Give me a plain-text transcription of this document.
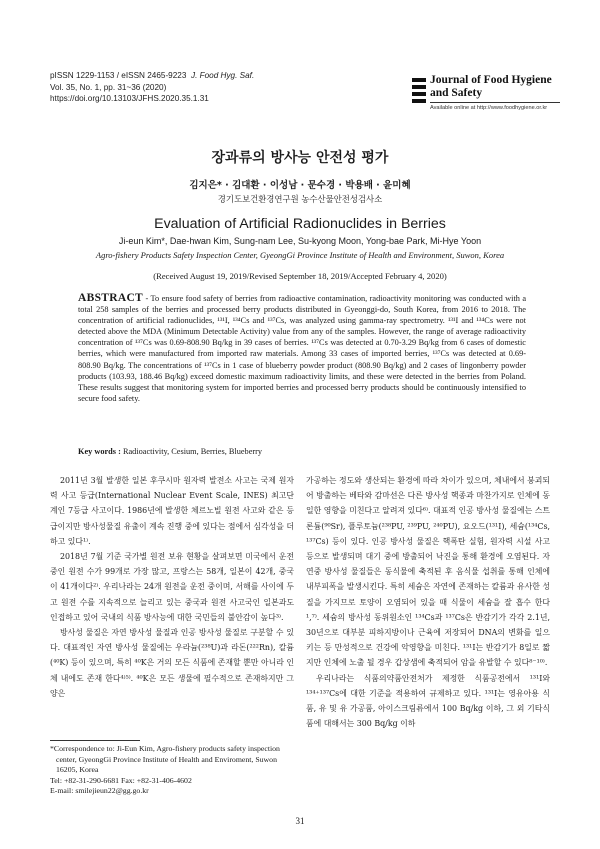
pISSN 1229-1153 / eISSN 2465-9223 J. Food Hyg. Saf.
Vol. 35, No. 1, pp. 31~36 (2020)
https://doi.org/10.13103/JFHS.2020.35.1.31
Journal of Food Hygiene
and Safety
Available online at http://www.foodhygiene.or.kr
장과류의 방사능 안전성 평가
김지은* · 김대환 · 이성남 · 문수경 · 박용배 · 윤미혜
경기도보건환경연구원 농수산물안전성검사소
Evaluation of Artificial Radionuclides in Berries
Ji-eun Kim*, Dae-hwan Kim, Sung-nam Lee, Su-kyong Moon, Yong-bae Park, Mi-Hye Yoon
Agro-fishery Products Safety Inspection Center, GyeongGi Province Institute of Health and Environment, Suwon, Korea
(Received August 19, 2019/Revised September 18, 2019/Accepted February 4, 2020)
ABSTRACT - To ensure food safety of berries from radioactive contamination, radioactivity monitoring was conducted with a total 258 samples of the berries and processed berry products distributed in Gyeonggi-do, South Korea, from 2016 to 2018. The concentration of artificial radionuclides, ¹³¹I, ¹³⁴Cs and ¹³⁷Cs, was analyzed using gamma-ray spectrometry. ¹³¹I and ¹³⁴Cs were not detected above the MDA (Minimum Detectable Activity) value from any of the samples. However, the range of average radioactivity concentration of ¹³⁷Cs was 0.69-808.90 Bq/kg in 39 cases of berries. ¹³⁷Cs was detected at 0.70-3.29 Bq/kg from 6 cases of domestic berries, which were manufactured from imported raw materials. Among 33 cases of imported berries, ¹³⁷Cs was detected at 0.69-808.90 Bq/kg. The concentrations of ¹³⁷Cs in 1 case of blueberry powder product (808.90 Bq/kg) and 2 cases of lingonberry powder products (103.93, 188.46 Bq/kg) exceed domestic maximum radioactivity limits, and these were detected in the berries from Poland. These results suggest that monitoring system for imported berries and processed berry products should be continuously intensified to secure food safety.
Key words : Radioactivity, Cesium, Berries, Blueberry

2011년 3월 발생한 일본 후쿠시마 원자력 발전소 사고는 국제 원자력 사고 등급(International Nuclear Event Scale, INES) 최고단계인 7등급 사고이다. 1986년에 발생한 체르노빌 원전 사고와 같은 등급이지만 방사성물질 유출이 계속 진행 중에 있다는 점에서 심각성을 더하고 있다¹⁾.

2018년 7월 기준 국가별 원전 보유 현황을 살펴보면 미국에서 운전 중인 원전 수가 99개로 가장 많고, 프랑스는 58개, 일본이 42개, 중국이 41개이다²⁾. 우리나라는 24개 원전을 운전 중이며, 서해를 사이에 두고 원전 수를 지속적으로 늘리고 있는 중국과 원전 사고국인 일본과도 인접하고 있어 국내의 식품 방사능에 대한 국민들의 불안감이 높다³⁾.

방사성 물질은 자연 방사성 물질과 인공 방사성 물질로 구분할 수 있다. 대표적인 자연 방사성 물질에는 우라늄(²³⁸U)과 라돈(²²²Rn), 칼륨(⁴⁰K) 등이 있으며, 특히 ⁴⁰K은 거의 모든 식품에 존재할 뿐만 아니라 인체 내에도 존재 한다⁴⁾⁵⁾. ⁴⁰K은 모든 생물에 필수적으로 존재하지만 그 양은

가공하는 정도와 생산되는 환경에 따라 차이가 있으며, 체내에서 붕괴되어 방출하는 베타와 감마선은 다른 방사성 핵종과 마찬가지로 인체에 동일한 영향을 미친다고 알려져 있다⁶⁾. 대표적 인공 방사성 물질에는 스트론튬(⁹⁰Sr), 플루토늄(²³⁸PU, ²³⁹PU, ²⁴⁰PU), 요오드(¹³¹I), 세슘(¹³⁴Cs, ¹³⁷Cs) 등이 있다. 인공 방사성 물질은 핵폭탄 실험, 원자력 시설 사고 등으로 발생되며 대기 중에 방출되어 낙진을 통해 환경에 오염된다. 자연중 방사성 물질들은 동식물에 축적된 후 음식물 섭취를 통해 인체에 내부피폭을 발생시킨다. 특히 세슘은 자연에 존재하는 칼륨과 유사한 성질을 가지므로 토양이 오염되어 있을 때 식물이 세슘을 잘 흡수 한다¹,⁷⁾. 세슘의 방사성 동위원소인 ¹³⁴Cs과 ¹³⁷Cs은 반감기가 각각 2.1년, 30년으로 대부분 피하지방이나 근육에 저장되어 DNA의 변화를 일으키는 등 만성적으로 건강에 악영향을 미친다. ¹³¹I는 반감기가 8일로 짧지만 인체에 노출 될 경우 갑상샘에 축적되어 암을 유발할 수 있다⁸⁻¹⁰⁾.

우리나라는 식품의약품안전처가 제정한 식품공전에서 ¹³¹I와 ¹³⁴⁺¹³⁷Cs에 대한 기준을 적용하여 규제하고 있다. ¹³¹I는 영유아용 식품, 유 및 유 가공품, 아이스크림류에서 100 Bq/kg 이하, 그 외 기타식품에 대해서는 300 Bq/kg 이하

*Correspondence to: Ji-Eun Kim, Agro-fishery products safety inspection center, GyeongGi Province Institute of Health and Enviroment, Suwon 16205, Korea
Tel: +82-31-290-6681 Fax: +82-31-406-4602
E-mail: smilejieun22@gg.go.kr
31
